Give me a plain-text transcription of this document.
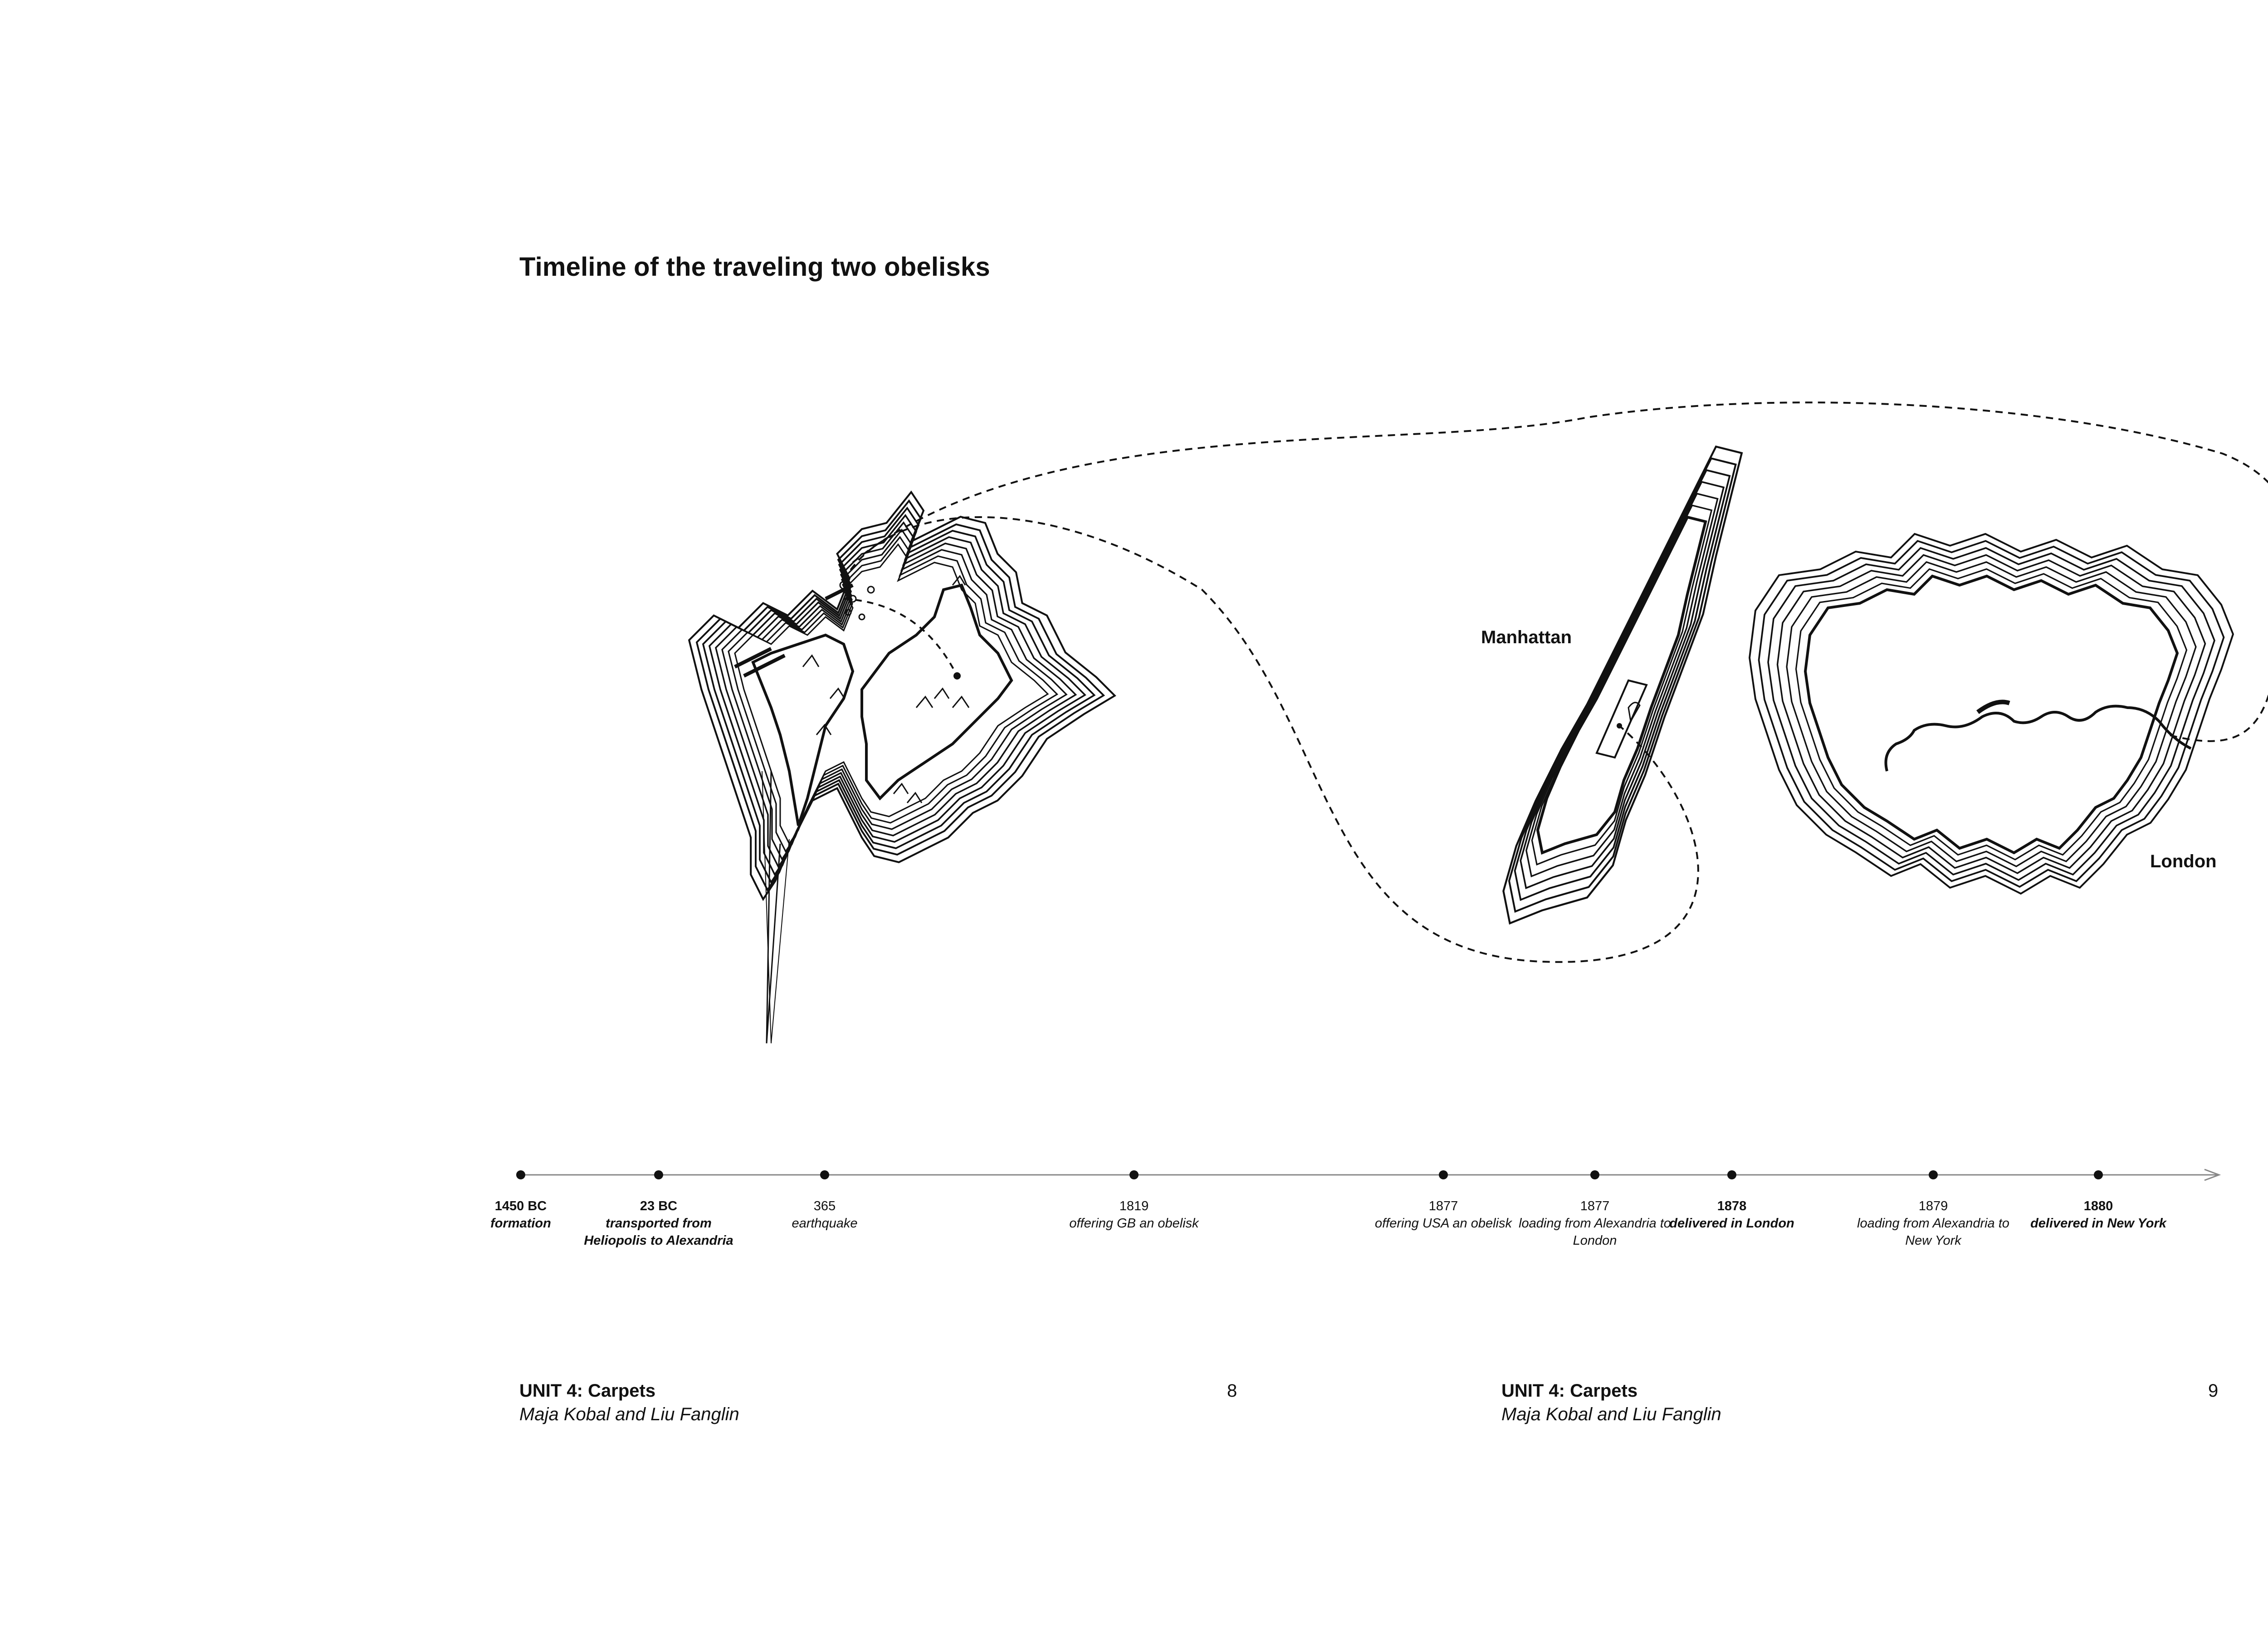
Timeline of the traveling two obelisks
Manhattan
London
1450 BC
formation
23 BC
transported from Heliopolis to Alexandria
365
earthquake
1819
offering GB an obelisk
1877
offering USA an obelisk
1877
loading from Alexandria to London
1878
delivered in London
1879
loading from Alexandria to New York
1880
delivered in New York
UNIT 4: Carpets
Maja Kobal and Liu Fanglin
8	UNIT 4: Carpets
Maja Kobal and Liu Fanglin
9
